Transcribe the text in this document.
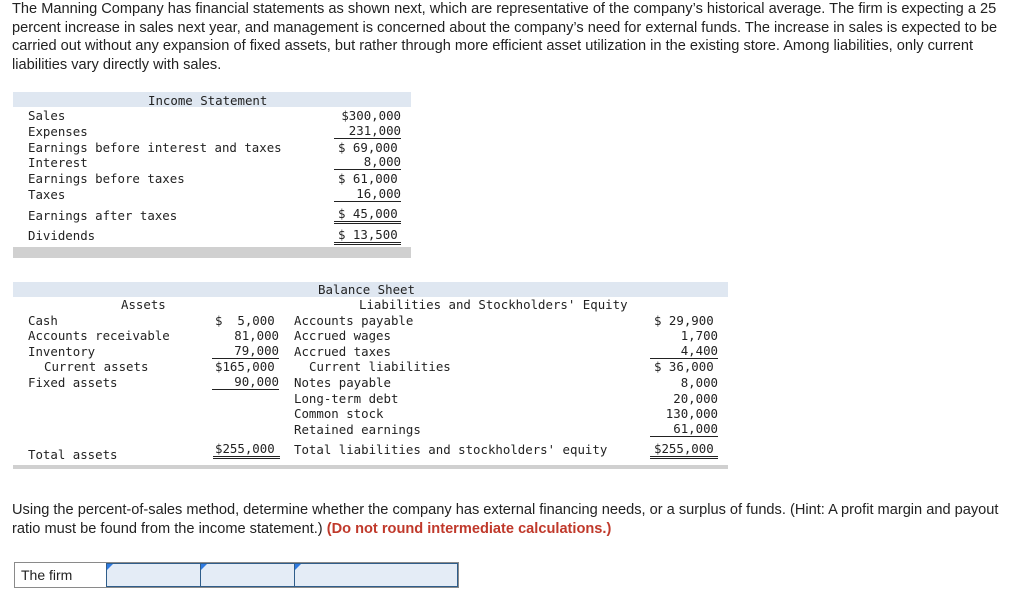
The Manning Company has financial statements as shown next, which are representative of the company’s historical average. The firm is expecting a 25 percent increase in sales next year, and management is concerned about the company’s need for external funds. The increase in sales is expected to be carried out without any expansion of fixed assets, but rather through more efficient asset utilization in the existing store. Among liabilities, only current liabilities vary directly with sales.

Income Statement
Sales	$300,000
Expenses	231,000
Earnings before interest and taxes	$ 69,000
Interest	8,000
Earnings before taxes	$ 61,000
Taxes	16,000
Earnings after taxes	$ 45,000
Dividends	$ 13,500
Balance Sheet
Assets	Liabilities and Stockholders' Equity
Cash	$  5,000
Accounts receivable	81,000
Inventory	79,000
Current assets	$165,000
Fixed assets	90,000
Total assets	$255,000
Accounts payable	$ 29,900
Accrued wages	1,700
Accrued taxes	4,400
Current liabilities	$ 36,000
Notes payable	8,000
Long-term debt	20,000
Common stock	130,000
Retained earnings	61,000
Total liabilities and stockholders' equity	$255,000

Using the percent-of-sales method, determine whether the company has external financing needs, or a surplus of funds. (Hint: A profit margin and payout ratio must be found from the income statement.) (Do not round intermediate calculations.)

The firm
